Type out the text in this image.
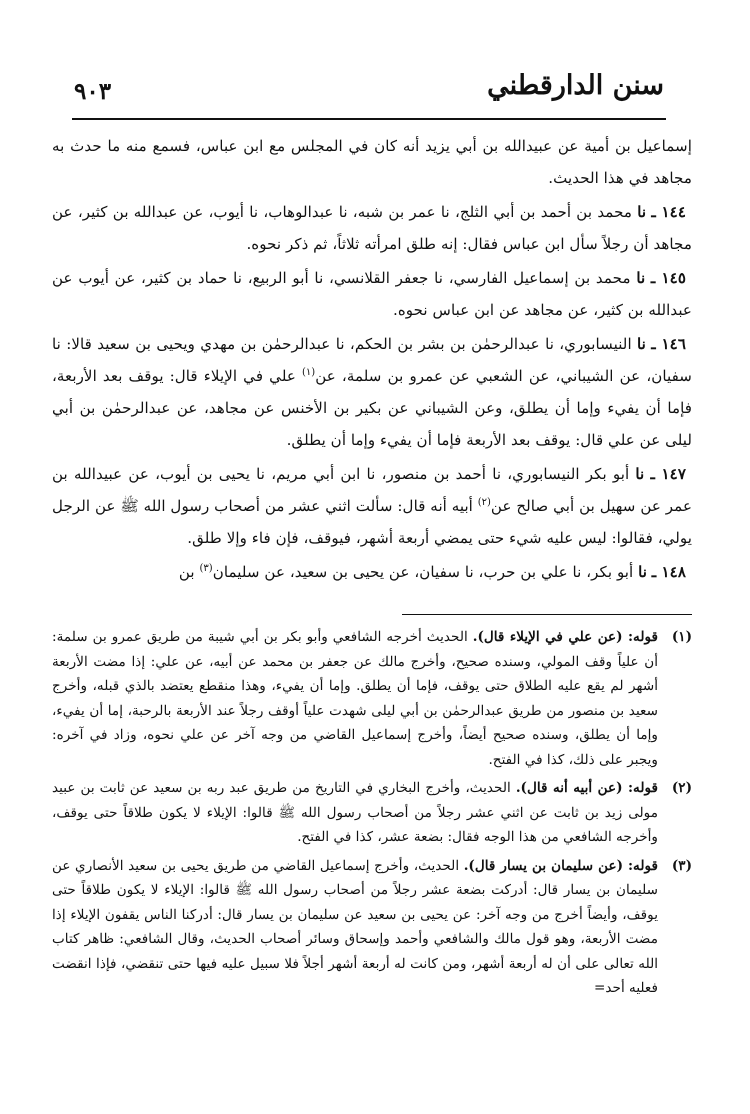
سنن الدارقطني
٩٠٣

إسماعيل بن أمية عن عبيدالله بن أبي يزيد أنه كان في المجلس مع ابن عباس، فسمع منه ما حدث به مجاهد في هذا الحديث.

١٤٤ ـ نا محمد بن أحمد بن أبي الثلج، نا عمر بن شبه، نا عبدالوهاب، نا أيوب، عن عبدالله بن كثير، عن مجاهد أن رجلاً سأل ابن عباس فقال: إنه طلق امرأته ثلاثاً، ثم ذكر نحوه.

١٤٥ ـ نا محمد بن إسماعيل الفارسي، نا جعفر القلانسي، نا أبو الربيع، نا حماد بن كثير، عن أيوب عن عبدالله بن كثير، عن مجاهد عن ابن عباس نحوه.

١٤٦ ـ نا النيسابوري، نا عبدالرحمٰن بن بشر بن الحكم، نا عبدالرحمٰن بن مهدي ويحيى بن سعيد قالا: نا سفيان، عن الشيباني، عن الشعبي عن عمرو بن سلمة، عن$^{(١)}$ علي في الإيلاء قال: يوقف بعد الأربعة، فإما أن يفيء وإما أن يطلق، وعن الشيباني عن بكير بن الأخنس عن مجاهد، عن عبدالرحمٰن بن أبي ليلى عن علي قال: يوقف بعد الأربعة فإما أن يفيء وإما أن يطلق.

١٤٧ ـ نا أبو بكر النيسابوري، نا أحمد بن منصور، نا ابن أبي مريم، نا يحيى بن أيوب، عن عبيدالله بن عمر عن سهيل بن أبي صالح عن$^{(٢)}$ أبيه أنه قال: سألت اثني عشر من أصحاب رسول الله ﷺ عن الرجل يولي، فقالوا: ليس عليه شيء حتى يمضي أربعة أشهر، فيوقف، فإن فاء وإلا طلق.

١٤٨ ـ نا أبو بكر، نا علي بن حرب، نا سفيان، عن يحيى بن سعيد، عن سليمان$^{(٣)}$ بن

(١)
قوله: (عن علي في الإيلاء قال). الحديث أخرجه الشافعي وأبو بكر بن أبي شيبة من طريق عمرو بن سلمة: أن علياً وقف المولي، وسنده صحيح، وأخرج مالك عن جعفر بن محمد عن أبيه، عن علي: إذا مضت الأربعة أشهر لم يقع عليه الطلاق حتى يوقف، فإما أن يطلق. وإما أن يفيء، وهذا منقطع يعتضد بالذي قبله، وأخرج سعيد بن منصور من طريق عبدالرحمٰن بن أبي ليلى شهدت علياً أوقف رجلاً عند الأربعة بالرحبة، إما أن يفيء، وإما أن يطلق، وسنده صحيح أيضاً، وأخرج إسماعيل القاضي من وجه آخر عن علي نحوه، وزاد في آخره: ويجبر على ذلك، كذا في الفتح.
(٢)
قوله: (عن أبيه أنه قال). الحديث، وأخرج البخاري في التاريخ من طريق عبد ربه بن سعيد عن ثابت بن عبيد مولى زيد بن ثابت عن اثني عشر رجلاً من أصحاب رسول الله ﷺ قالوا: الإيلاء لا يكون طلاقاً حتى يوقف، وأخرجه الشافعي من هذا الوجه فقال: بضعة عشر، كذا في الفتح.
(٣)
قوله: (عن سليمان بن يسار قال). الحديث، وأخرج إسماعيل القاضي من طريق يحيى بن سعيد الأنصاري عن سليمان بن يسار قال: أدركت بضعة عشر رجلاً من أصحاب رسول الله ﷺ قالوا: الإيلاء لا يكون طلاقاً حتى يوقف، وأيضاً أخرج من وجه آخر: عن يحيى بن سعيد عن سليمان بن يسار قال: أدركنا الناس يقفون الإيلاء إذا مضت الأربعة، وهو قول مالك والشافعي وأحمد وإسحاق وسائر أصحاب الحديث، وقال الشافعي: ظاهر كتاب الله تعالى على أن له أربعة أشهر، ومن كانت له أربعة أشهر أجلاً فلا سبيل عليه فيها حتى تنقضي، فإذا انقضت فعليه أحد=
